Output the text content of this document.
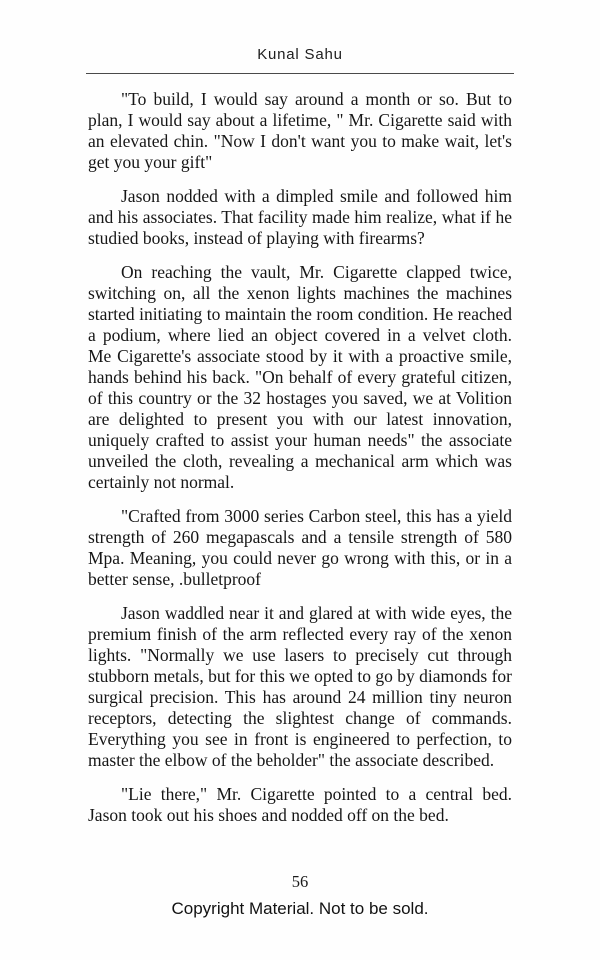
Kunal Sahu

"To build, I would say around a month or so. But to plan, I would say about a lifetime, " Mr. Cigarette said with an elevated chin. "Now I don't want you to make wait, let's get you your gift"

Jason nodded with a dimpled smile and followed him and his associates. That facility made him realize, what if he studied books, instead of playing with firearms?

On reaching the vault, Mr. Cigarette clapped twice, switching on, all the xenon lights machines the machines started initiating to maintain the room condition. He reached a podium, where lied an object covered in a velvet cloth. Me Cigarette's associate stood by it with a proactive smile, hands behind his back. "On behalf of every grateful citizen, of this country or the 32 hostages you saved, we at Volition are delighted to present you with our latest innovation, uniquely crafted to assist your human needs" the associate unveiled the cloth, revealing a mechanical arm which was certainly not normal.

"Crafted from 3000 series Carbon steel, this has a yield strength of 260 megapascals and a tensile strength of 580 Mpa. Meaning, you could never go wrong with this, or in a better sense, .bulletproof

Jason waddled near it and glared at with wide eyes, the premium finish of the arm reflected every ray of the xenon lights. "Normally we use lasers to precisely cut through stubborn metals, but for this we opted to go by diamonds for surgical precision. This has around 24 million tiny neuron receptors, detecting the slightest change of commands. Everything you see in front is engineered to perfection, to master the elbow of the beholder" the associate described.

"Lie there," Mr. Cigarette pointed to a central bed. Jason took out his shoes and nodded off on the bed.

56
Copyright Material. Not to be sold.
